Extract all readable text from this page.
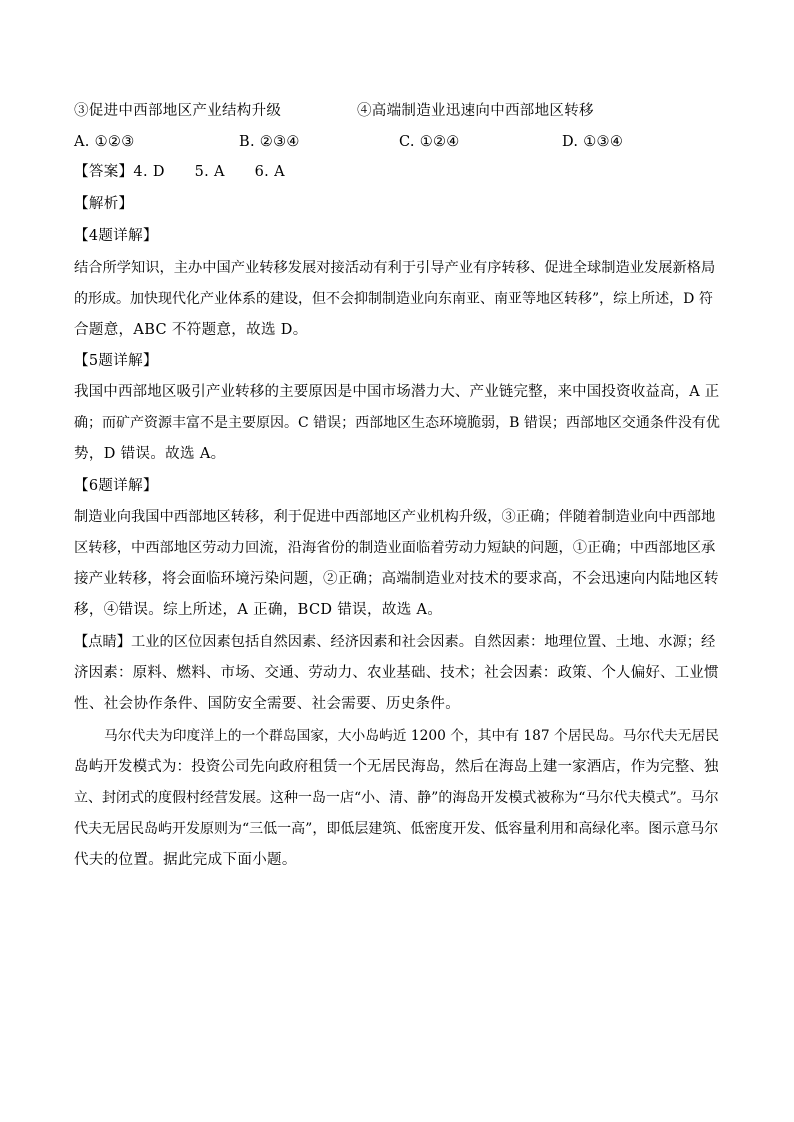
③促进中西部地区产业结构升级	④高端制造业迅速向中西部地区转移
A. ①②③	B. ②③④	C. ①②④	D. ①③④
【答案】4. D　　5. A　　6. A
【解析】
【4题详解】
结合所学知识，主办中国产业转移发展对接活动有利于引导产业有序转移、促进全球制造业发展新格局
的形成。加快现代化产业体系的建设，但不会抑制制造业向东南亚、南亚等地区转移”，综上所述，D 符
合题意，ABC 不符题意，故选 D。
【5题详解】
我国中西部地区吸引产业转移的主要原因是中国市场潜力大、产业链完整，来中国投资收益高，A 正
确；而矿产资源丰富不是主要原因。C 错误；西部地区生态环境脆弱，B 错误；西部地区交通条件没有优
势，D 错误。故选 A。
【6题详解】
制造业向我国中西部地区转移，利于促进中西部地区产业机构升级，③正确；伴随着制造业向中西部地
区转移，中西部地区劳动力回流，沿海省份的制造业面临着劳动力短缺的问题，①正确；中西部地区承
接产业转移，将会面临环境污染问题，②正确；高端制造业对技术的要求高，不会迅速向内陆地区转
移，④错误。综上所述，A 正确，BCD 错误，故选 A。
【点睛】工业的区位因素包括自然因素、经济因素和社会因素。自然因素：地理位置、土地、水源；经
济因素：原料、燃料、市场、交通、劳动力、农业基础、技术；社会因素：政策、个人偏好、工业惯
性、社会协作条件、国防安全需要、社会需要、历史条件。
马尔代夫为印度洋上的一个群岛国家，大小岛屿近 1200 个，其中有 187 个居民岛。马尔代夫无居民
岛屿开发模式为：投资公司先向政府租赁一个无居民海岛，然后在海岛上建一家酒店，作为完整、独
立、封闭式的度假村经营发展。这种一岛一店“小、清、静”的海岛开发模式被称为“马尔代夫模式”。马尔
代夫无居民岛屿开发原则为“三低一高”，即低层建筑、低密度开发、低容量利用和高绿化率。图示意马尔
代夫的位置。据此完成下面小题。
